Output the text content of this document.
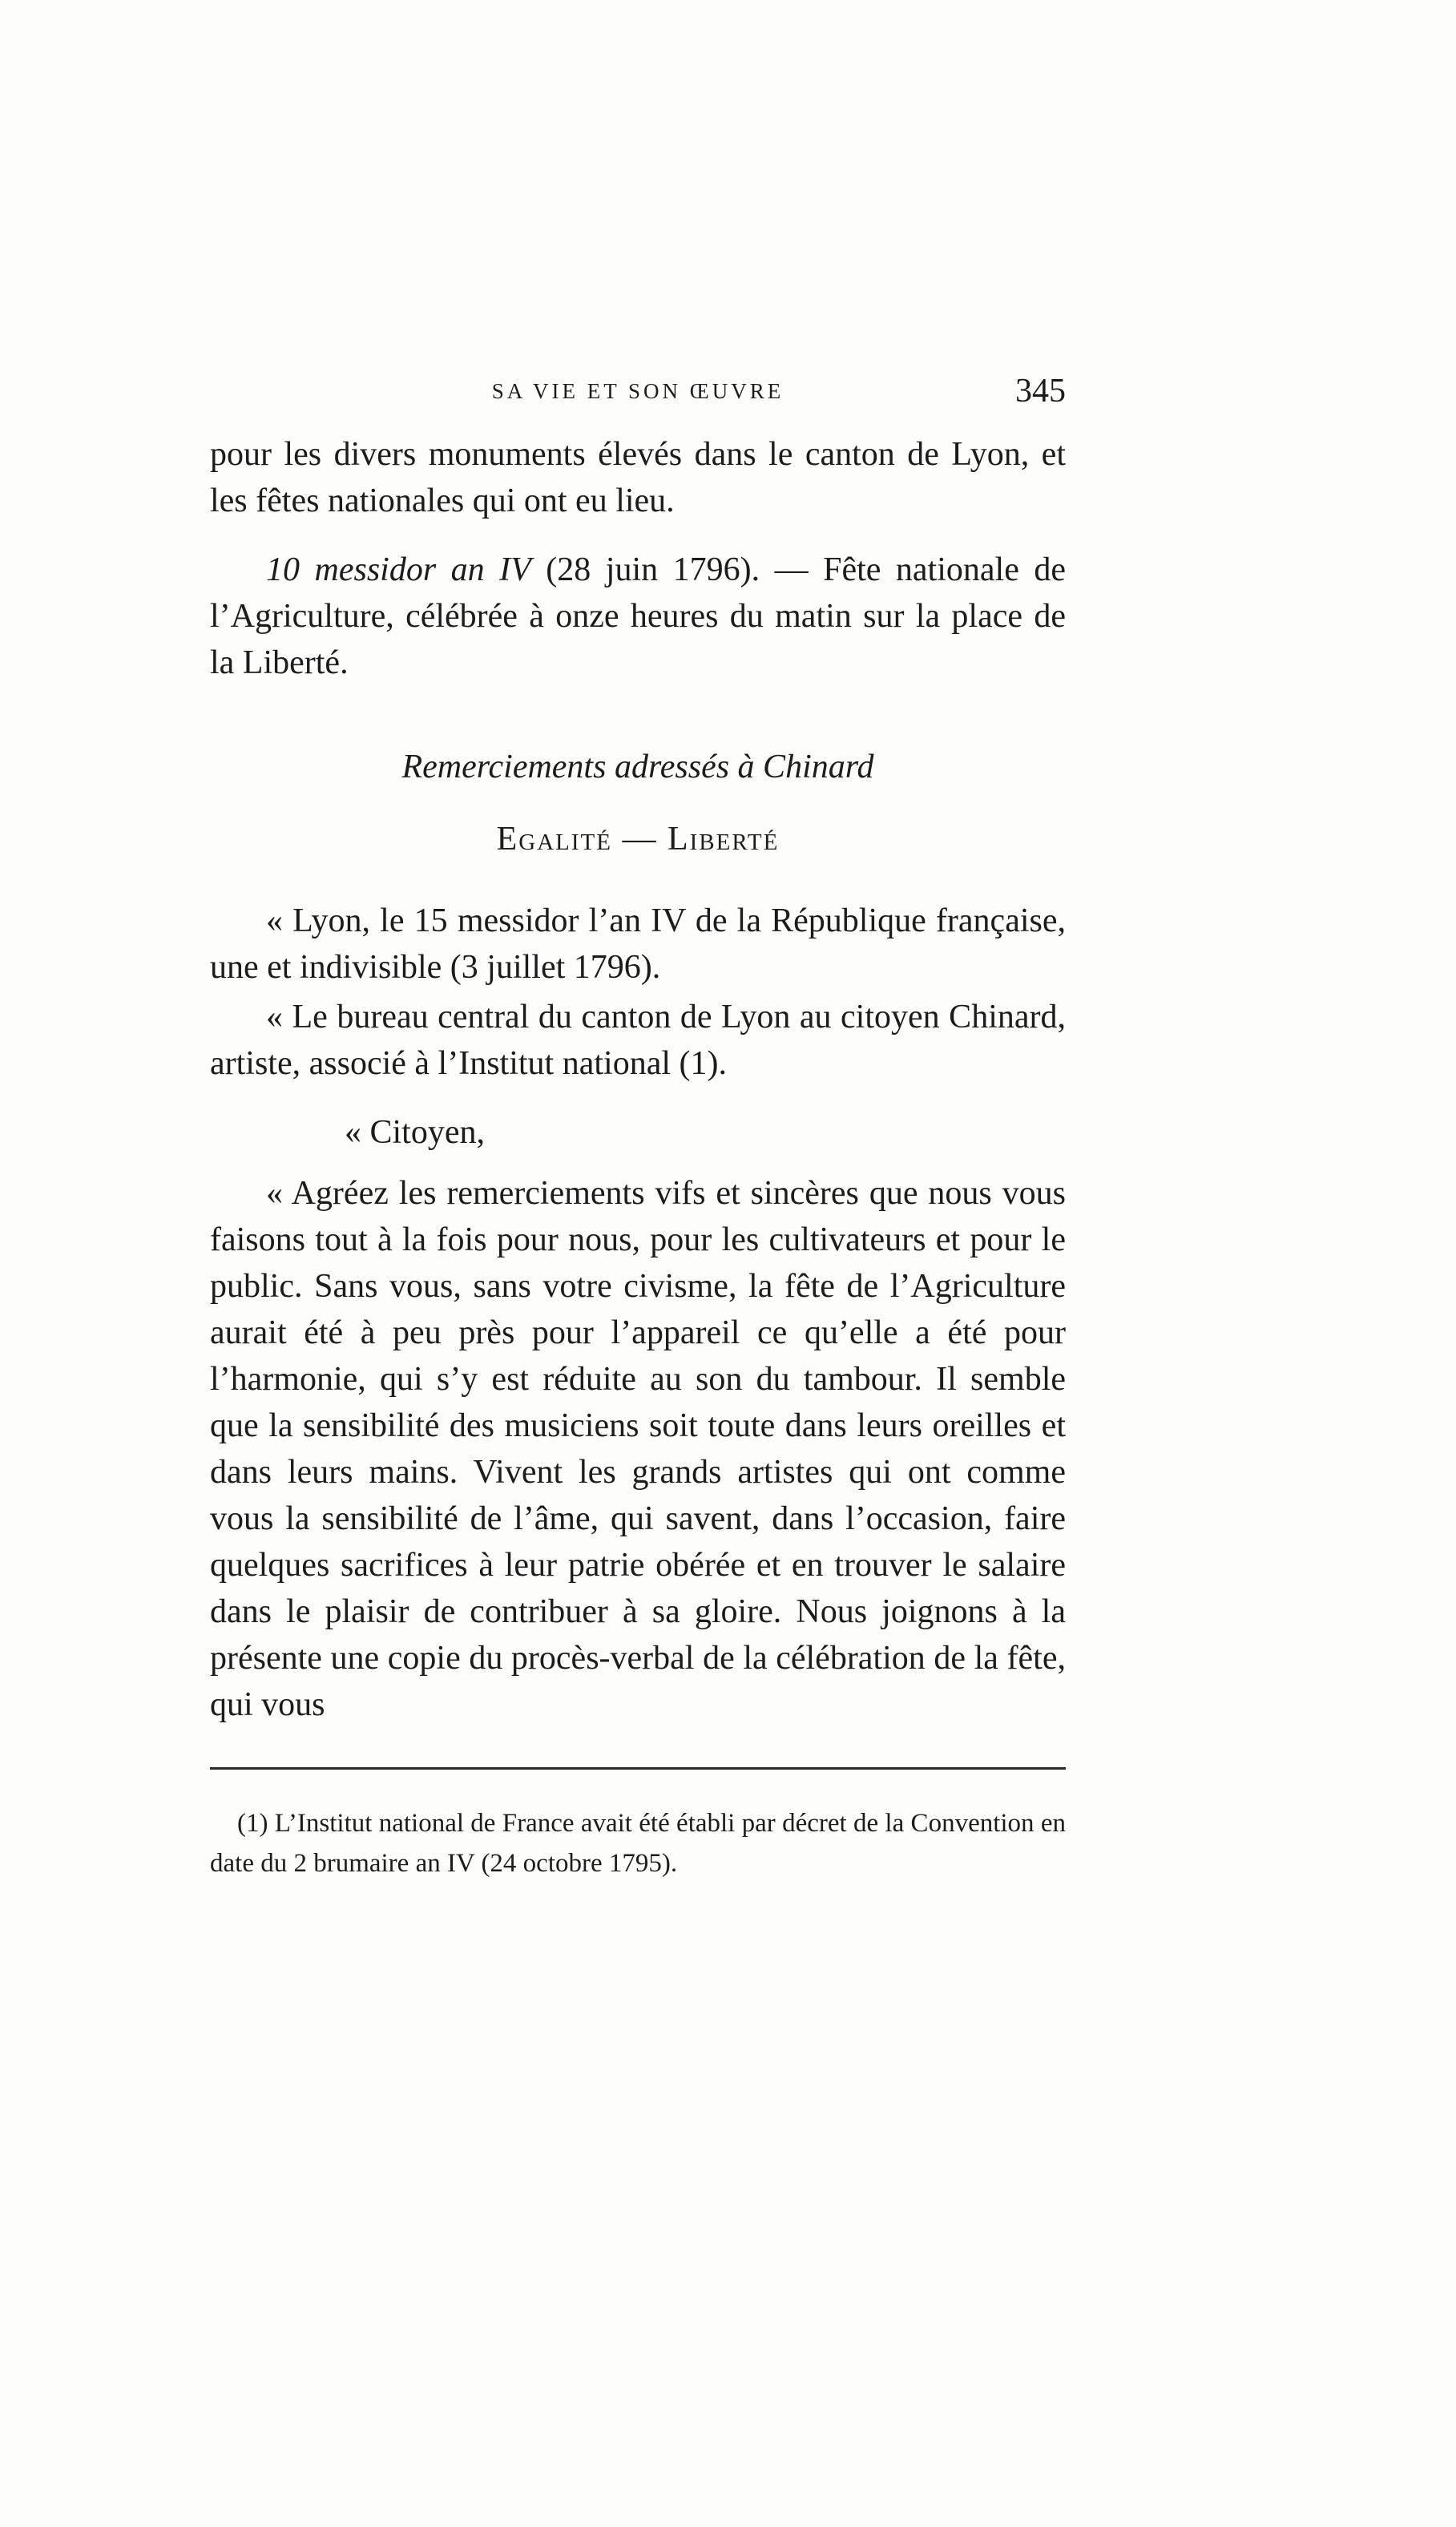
SA VIE ET SON ŒUVRE	345

pour les divers monuments élevés dans le canton de Lyon, et les fêtes nationales qui ont eu lieu.

10 messidor an IV (28 juin 1796). — Fête nationale de l’Agriculture, célébrée à onze heures du matin sur la place de la Liberté.

Remerciements adressés à Chinard
Egalité — Liberté

« Lyon, le 15 messidor l’an IV de la République française, une et indivisible (3 juillet 1796).

« Le bureau central du canton de Lyon au citoyen Chinard, artiste, associé à l’Institut national (1).

« Citoyen,

« Agréez les remerciements vifs et sincères que nous vous faisons tout à la fois pour nous, pour les cultivateurs et pour le public. Sans vous, sans votre civisme, la fête de l’Agriculture aurait été à peu près pour l’appareil ce qu’elle a été pour l’harmonie, qui s’y est réduite au son du tambour. Il semble que la sensibilité des musiciens soit toute dans leurs oreilles et dans leurs mains. Vivent les grands artistes qui ont comme vous la sensibilité de l’âme, qui savent, dans l’occasion, faire quelques sacrifices à leur patrie obérée et en trouver le salaire dans le plaisir de contribuer à sa gloire. Nous joignons à la présente une copie du procès-verbal de la célébration de la fête, qui vous

(1) L’Institut national de France avait été établi par décret de la Convention en date du 2 brumaire an IV (24 octobre 1795).
